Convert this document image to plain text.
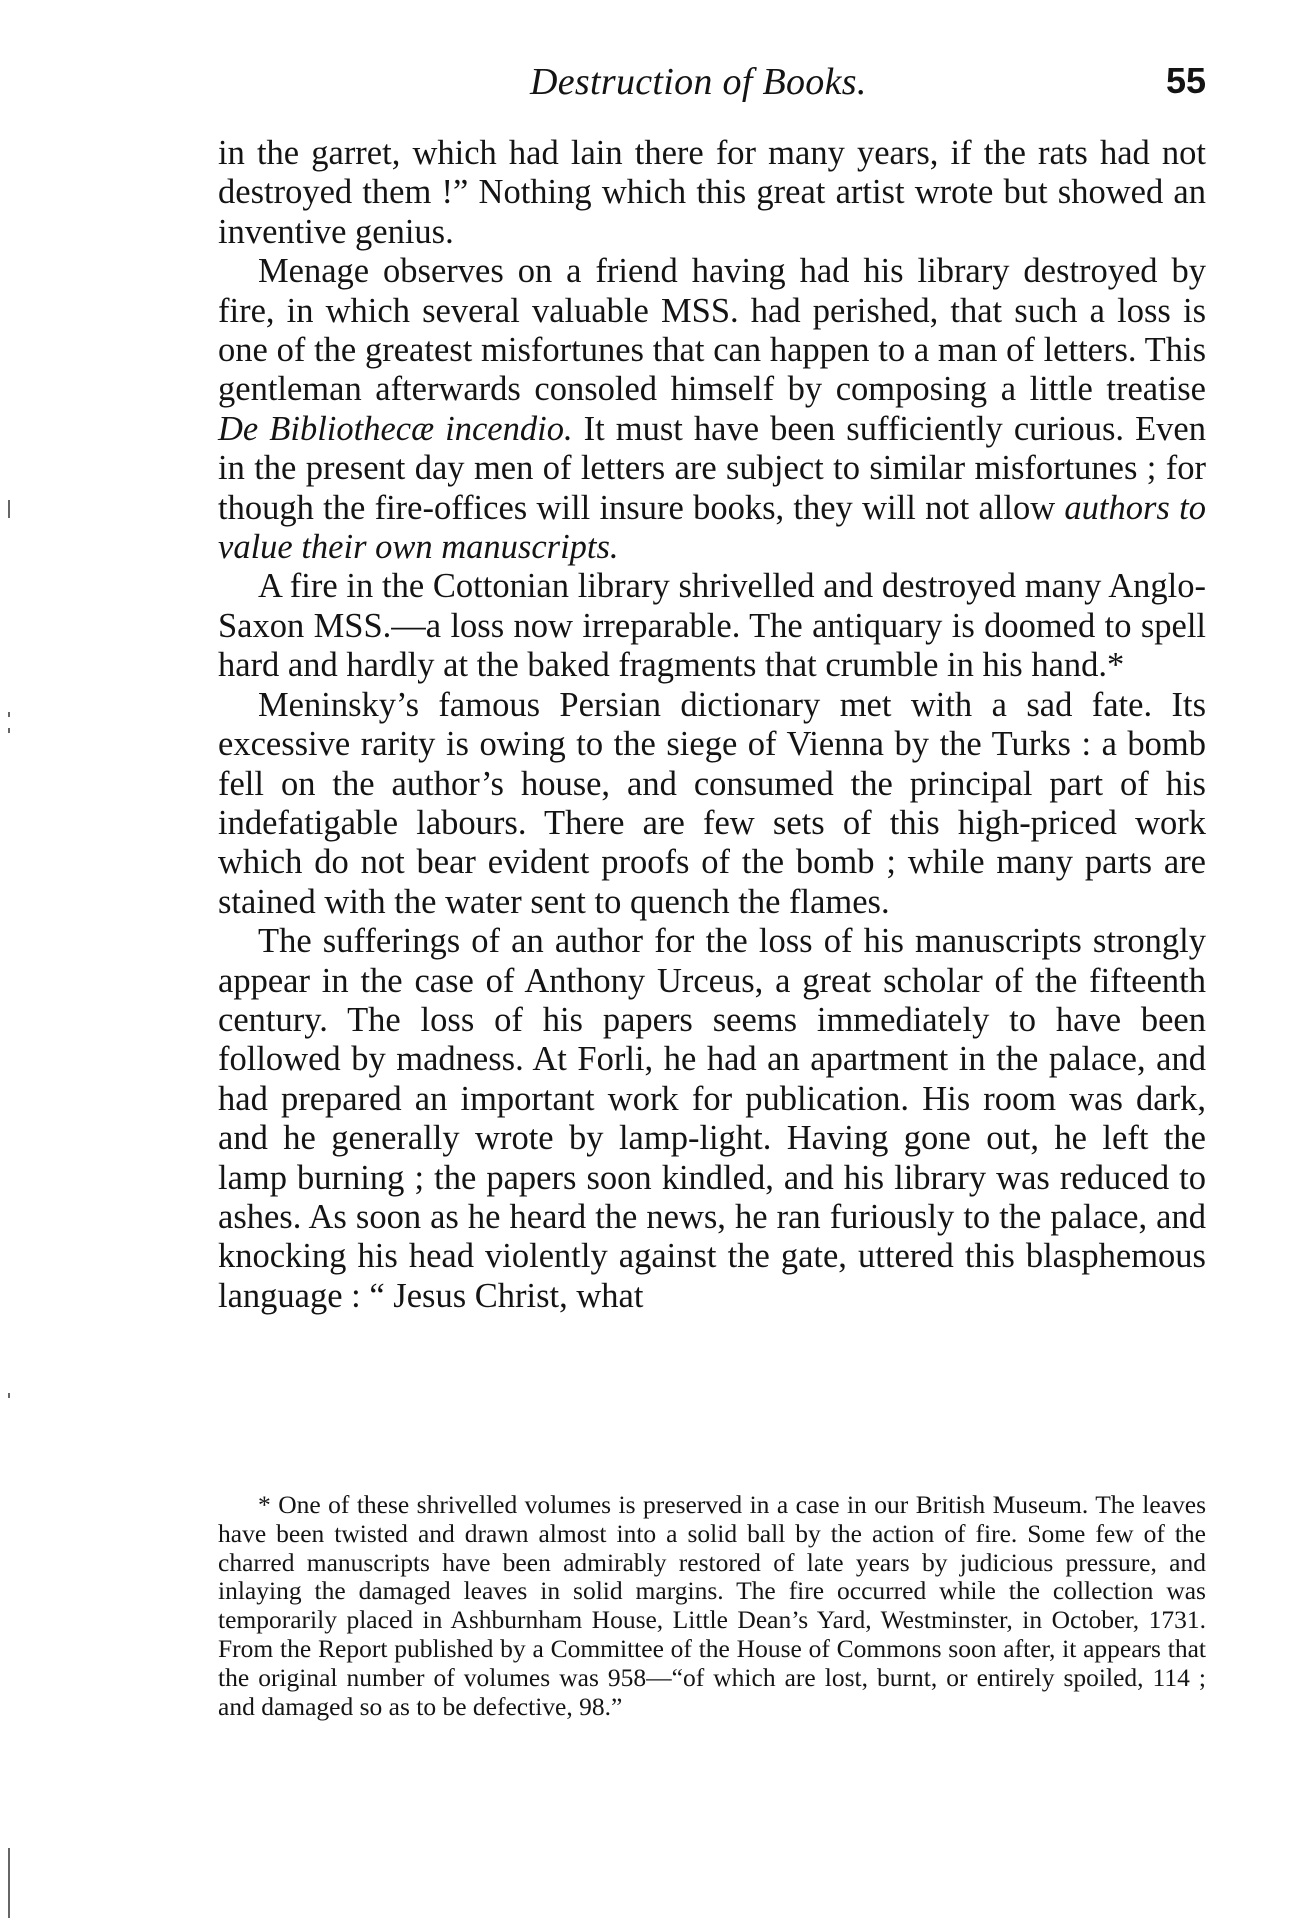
Destruction of Books.	55

in the garret, which had lain there for many years, if the rats had not destroyed them !” Nothing which this great artist wrote but showed an inventive genius.

Menage observes on a friend having had his library destroyed by fire, in which several valuable MSS. had perished, that such a loss is one of the greatest misfortunes that can happen to a man of letters. This gentleman afterwards consoled himself by composing a little treatise De Bibliothecæ incendio. It must have been sufficiently curious. Even in the present day men of letters are subject to similar misfortunes ; for though the fire-offices will insure books, they will not allow authors to value their own manuscripts.

A fire in the Cottonian library shrivelled and destroyed many Anglo-Saxon MSS.—a loss now irreparable. The antiquary is doomed to spell hard and hardly at the baked fragments that crumble in his hand.*

Meninsky’s famous Persian dictionary met with a sad fate. Its excessive rarity is owing to the siege of Vienna by the Turks : a bomb fell on the author’s house, and consumed the principal part of his indefatigable labours. There are few sets of this high-priced work which do not bear evident proofs of the bomb ; while many parts are stained with the water sent to quench the flames.

The sufferings of an author for the loss of his manuscripts strongly appear in the case of Anthony Urceus, a great scholar of the fifteenth century. The loss of his papers seems immediately to have been followed by madness. At Forli, he had an apartment in the palace, and had prepared an important work for publication. His room was dark, and he generally wrote by lamp-light. Having gone out, he left the lamp burning ; the papers soon kindled, and his library was reduced to ashes. As soon as he heard the news, he ran furiously to the palace, and knocking his head violently against the gate, uttered this blasphemous language : “ Jesus Christ, what

* One of these shrivelled volumes is preserved in a case in our British Museum. The leaves have been twisted and drawn almost into a solid ball by the action of fire. Some few of the charred manuscripts have been admirably restored of late years by judicious pressure, and inlaying the damaged leaves in solid margins. The fire occurred while the collection was temporarily placed in Ashburnham House, Little Dean’s Yard, Westminster, in October, 1731. From the Report published by a Committee of the House of Commons soon after, it appears that the original number of volumes was 958—“of which are lost, burnt, or entirely spoiled, 114 ; and damaged so as to be defective, 98.”
